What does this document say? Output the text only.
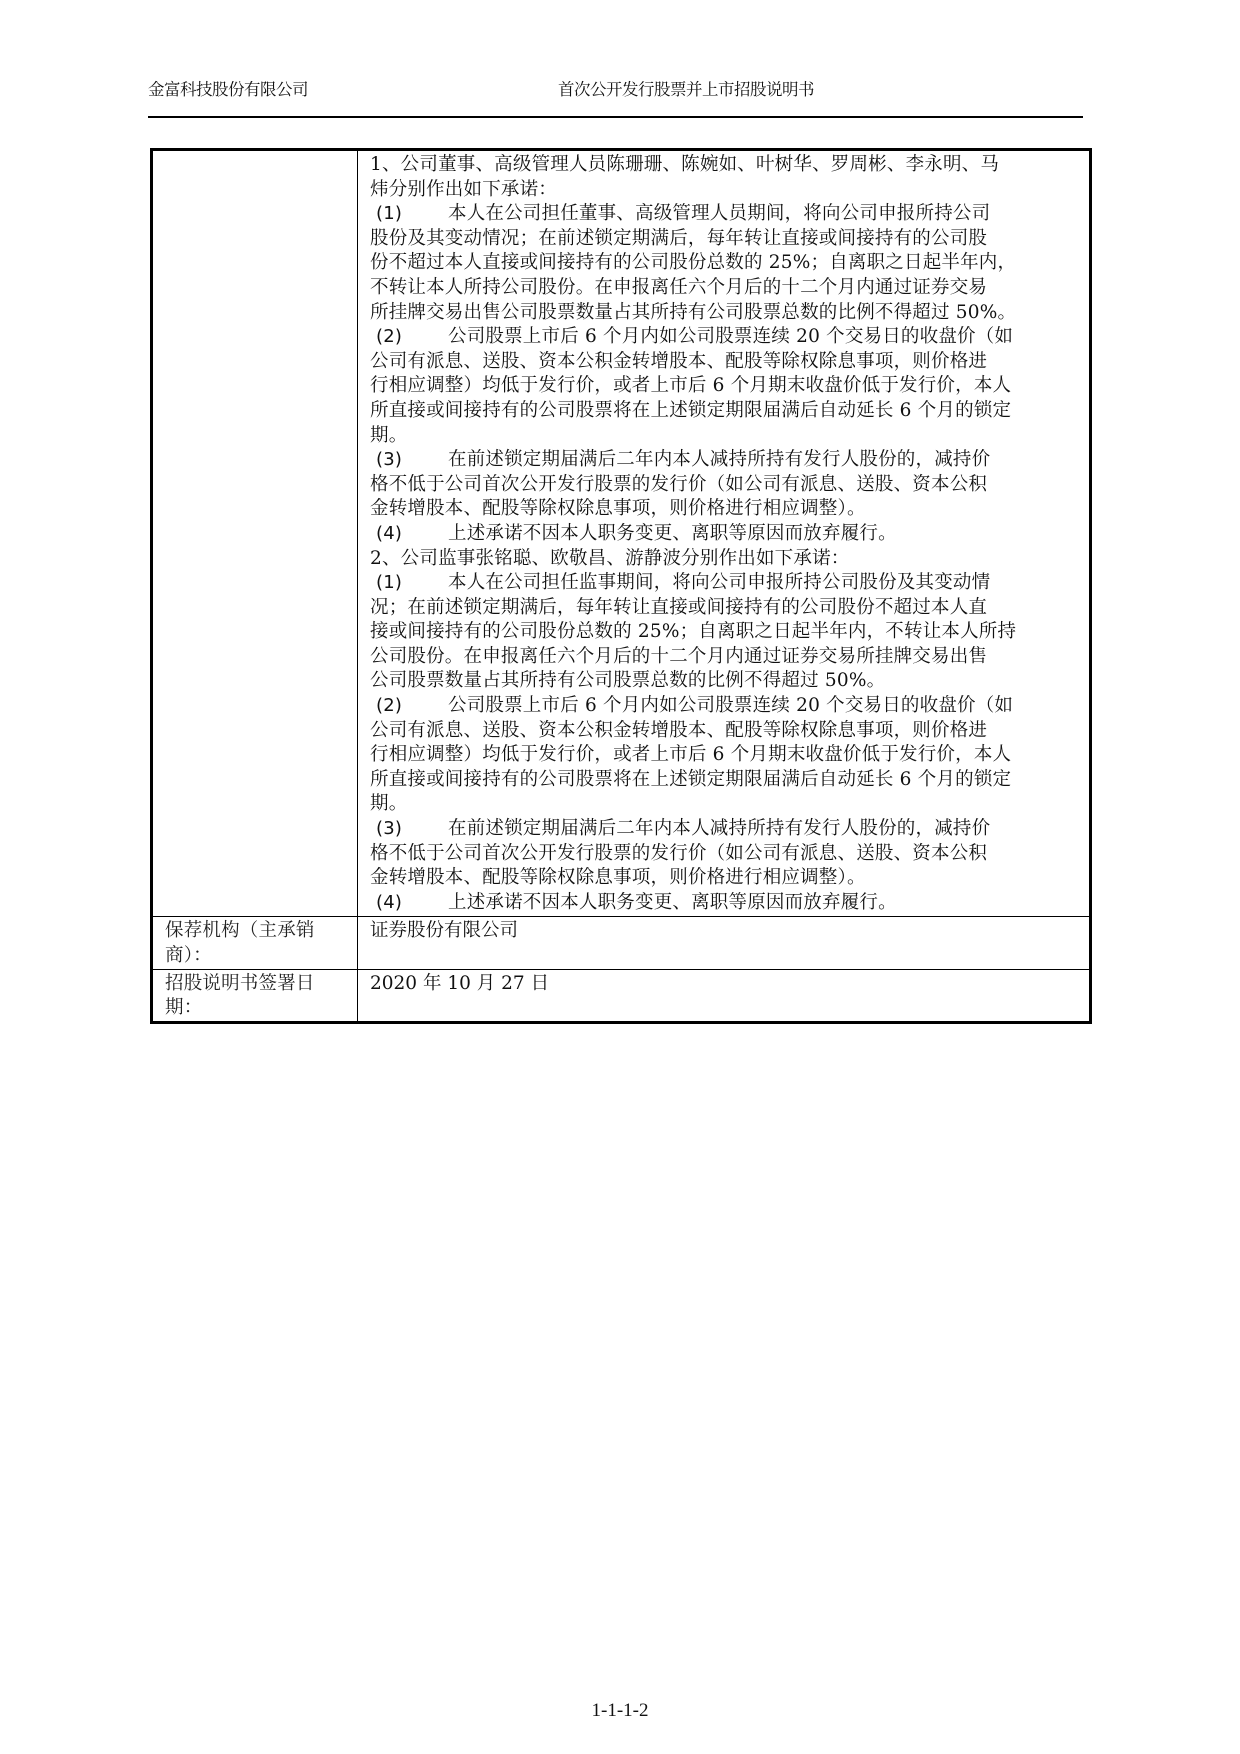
金富科技股份有限公司	首次公开发行股票并上市招股说明书

1、公司董事、高级管理人员陈珊珊、陈婉如、叶树华、罗周彬、李永明、马
炜分别作出如下承诺：
(1) 本人在公司担任董事、高级管理人员期间，将向公司申报所持公司
股份及其变动情况；在前述锁定期满后，每年转让直接或间接持有的公司股
份不超过本人直接或间接持有的公司股份总数的 25%；自离职之日起半年内，
不转让本人所持公司股份。在申报离任六个月后的十二个月内通过证券交易
所挂牌交易出售公司股票数量占其所持有公司股票总数的比例不得超过 50%。
(2) 公司股票上市后 6 个月内如公司股票连续 20 个交易日的收盘价（如
公司有派息、送股、资本公积金转增股本、配股等除权除息事项，则价格进
行相应调整）均低于发行价，或者上市后 6 个月期末收盘价低于发行价，本人
所直接或间接持有的公司股票将在上述锁定期限届满后自动延长 6 个月的锁定
期。
(3) 在前述锁定期届满后二年内本人减持所持有发行人股份的，减持价
格不低于公司首次公开发行股票的发行价（如公司有派息、送股、资本公积
金转增股本、配股等除权除息事项，则价格进行相应调整）。
(4) 上述承诺不因本人职务变更、离职等原因而放弃履行。
2、公司监事张铭聪、欧敬昌、游静波分别作出如下承诺：
(1) 本人在公司担任监事期间，将向公司申报所持公司股份及其变动情
况；在前述锁定期满后，每年转让直接或间接持有的公司股份不超过本人直
接或间接持有的公司股份总数的 25%；自离职之日起半年内，不转让本人所持
公司股份。在申报离任六个月后的十二个月内通过证券交易所挂牌交易出售
公司股票数量占其所持有公司股票总数的比例不得超过 50%。
(2) 公司股票上市后 6 个月内如公司股票连续 20 个交易日的收盘价（如
公司有派息、送股、资本公积金转增股本、配股等除权除息事项，则价格进
行相应调整）均低于发行价，或者上市后 6 个月期末收盘价低于发行价，本人
所直接或间接持有的公司股票将在上述锁定期限届满后自动延长 6 个月的锁定
期。
(3) 在前述锁定期届满后二年内本人减持所持有发行人股份的，减持价
格不低于公司首次公开发行股票的发行价（如公司有派息、送股、资本公积
金转增股本、配股等除权除息事项，则价格进行相应调整）。
(4) 上述承诺不因本人职务变更、离职等原因而放弃履行。

保荐机构（主承销
商）：	证券股份有限公司

招股说明书签署日
期：	2020 年 10 月 27 日
1-1-1-2
